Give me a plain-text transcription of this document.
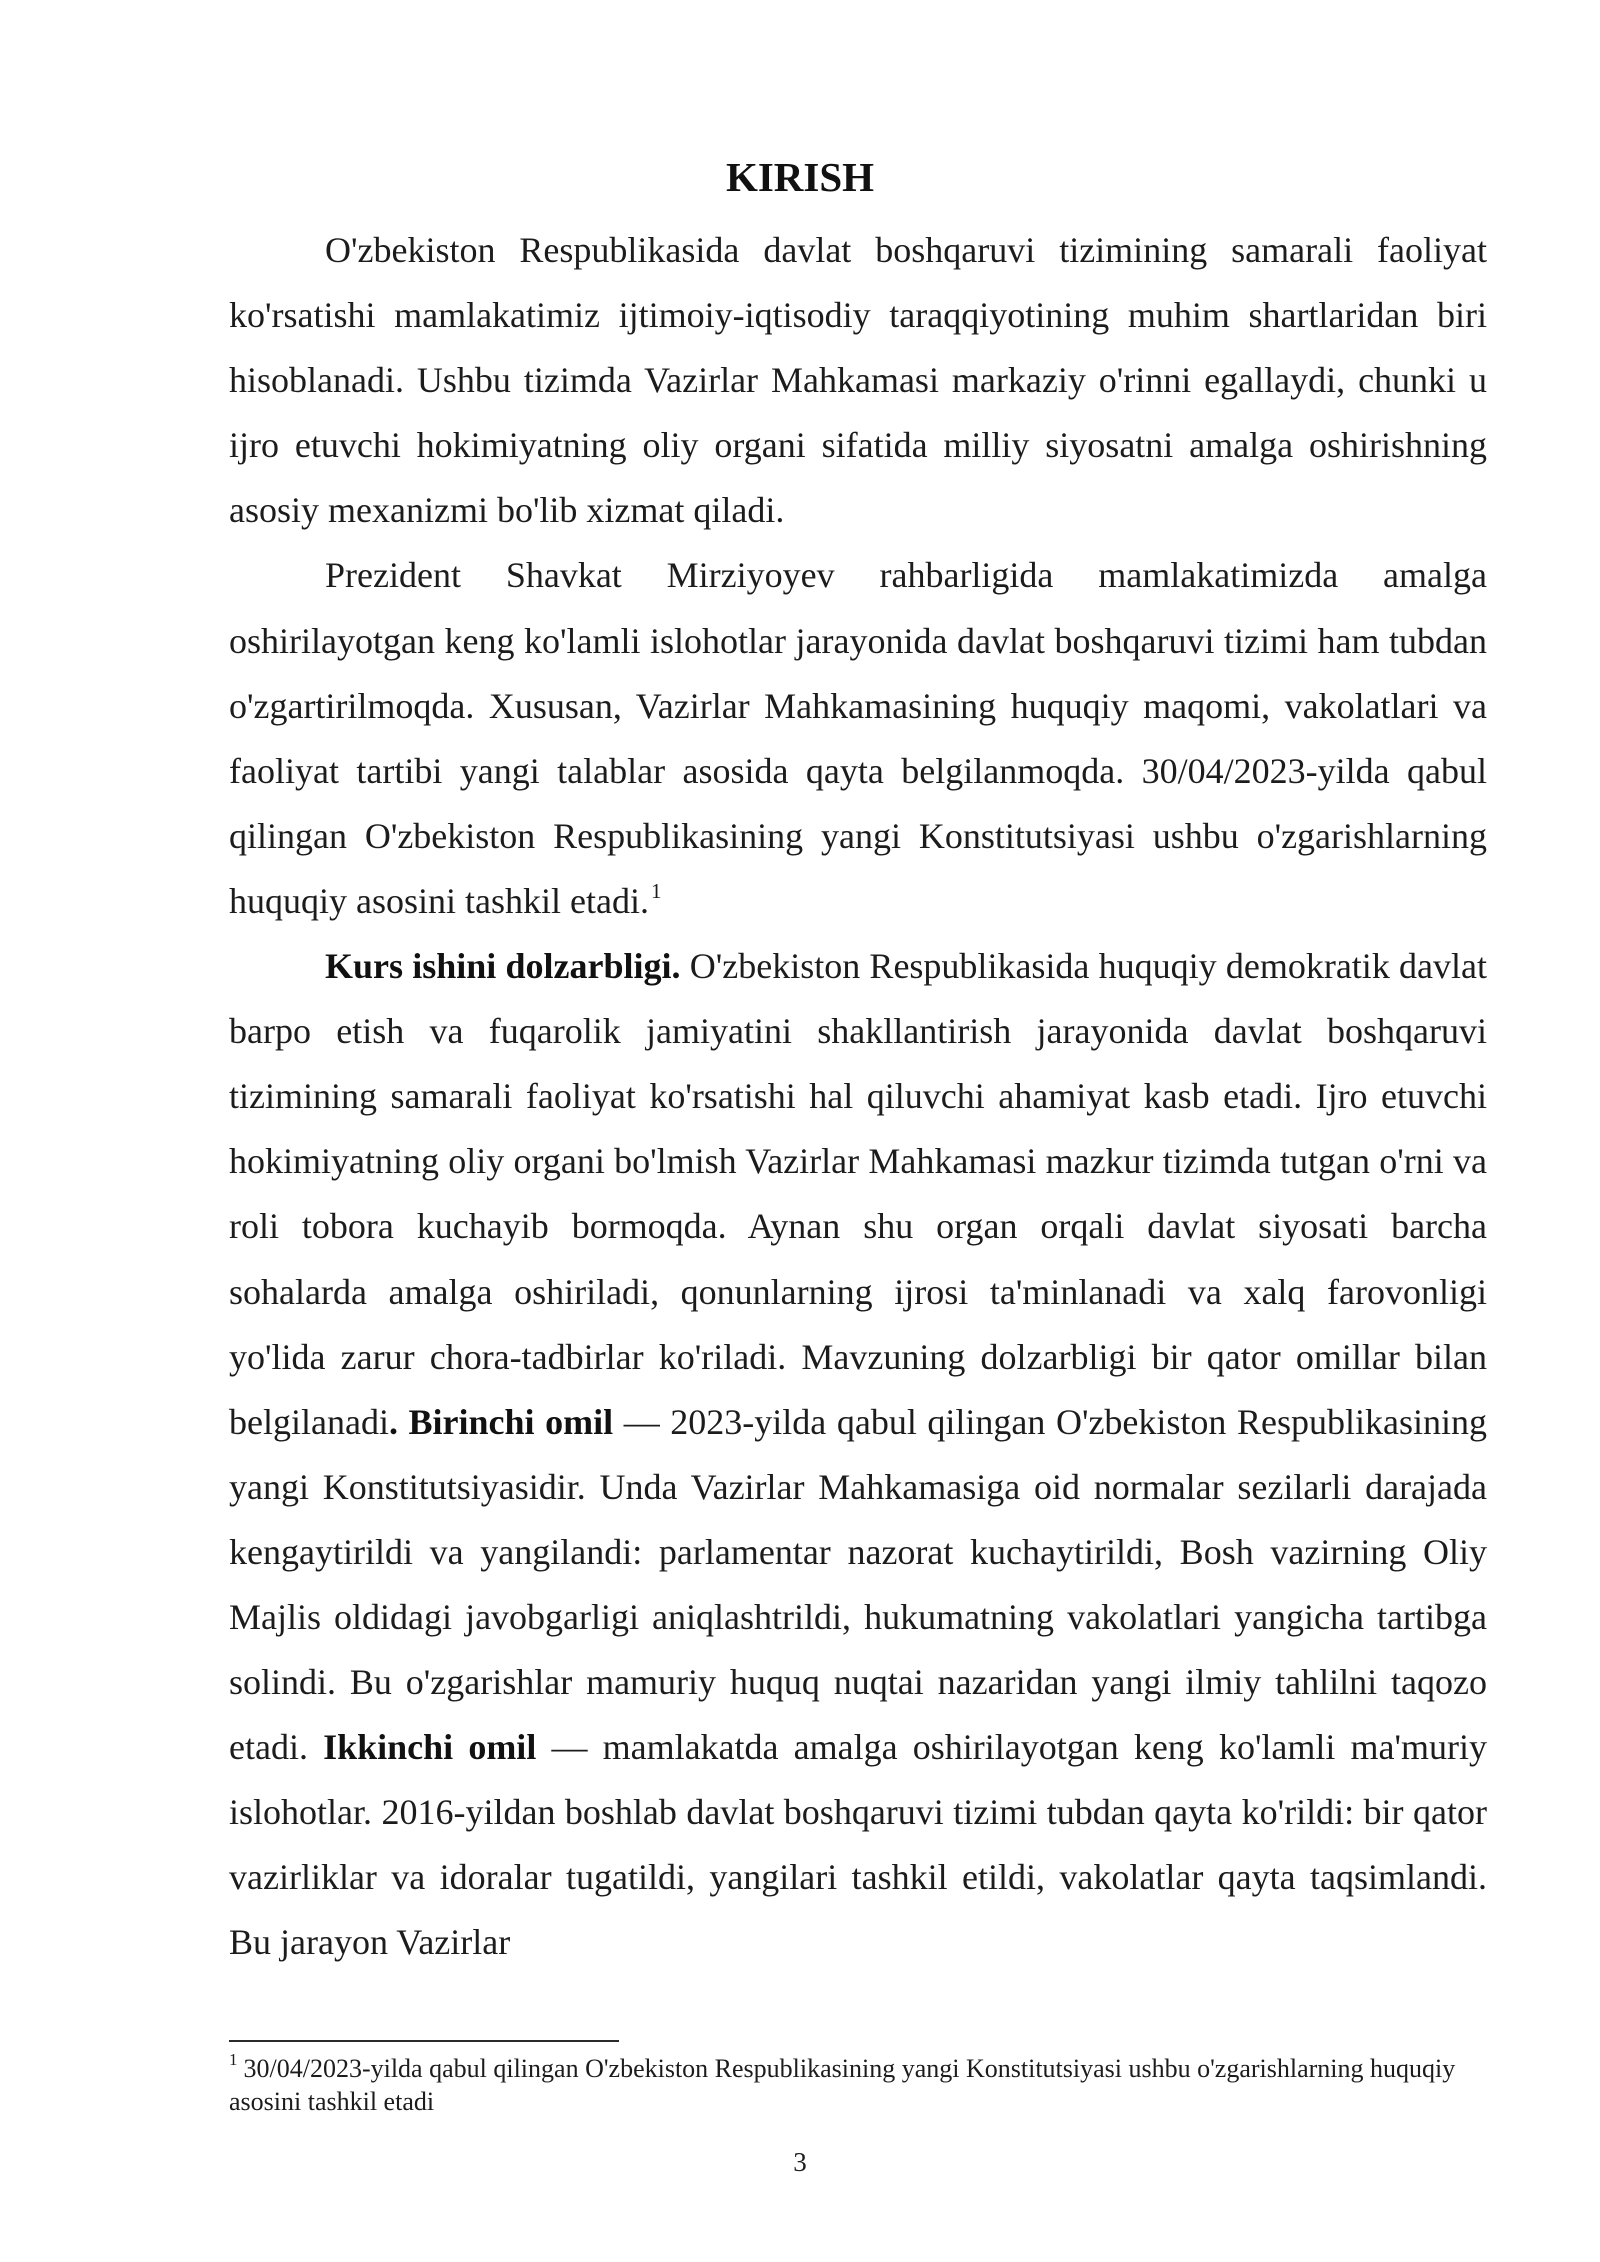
KIRISH

O'zbekiston Respublikasida davlat boshqaruvi tizimining samarali faoliyat ko'rsatishi mamlakatimiz ijtimoiy-iqtisodiy taraqqiyotining muhim shartlaridan biri hisoblanadi. Ushbu tizimda Vazirlar Mahkamasi markaziy o'rinni egallaydi, chunki u ijro etuvchi hokimiyatning oliy organi sifatida milliy siyosatni amalga oshirishning asosiy mexanizmi bo'lib xizmat qiladi.

Prezident Shavkat Mirziyoyev rahbarligida mamlakatimizda amalga oshirilayotgan keng ko'lamli islohotlar jarayonida davlat boshqaruvi tizimi ham tubdan o'zgartirilmoqda. Xususan, Vazirlar Mahkamasining huquqiy maqomi, vakolatlari va faoliyat tartibi yangi talablar asosida qayta belgilanmoqda. 30/04/2023-yilda qabul qilingan O'zbekiston Respublikasining yangi Konstitutsiyasi ushbu o'zgarishlarning huquqiy asosini tashkil etadi.$^1$

Kurs ishini dolzarbligi. O'zbekiston Respublikasida huquqiy demokratik davlat barpo etish va fuqarolik jamiyatini shakllantirish jarayonida davlat boshqaruvi tizimining samarali faoliyat ko'rsatishi hal qiluvchi ahamiyat kasb etadi. Ijro etuvchi hokimiyatning oliy organi bo'lmish Vazirlar Mahkamasi mazkur tizimda tutgan o'rni va roli tobora kuchayib bormoqda. Aynan shu organ orqali davlat siyosati barcha sohalarda amalga oshiriladi, qonunlarning ijrosi ta'minlanadi va xalq farovonligi yo'lida zarur chora-tadbirlar ko'riladi. Mavzuning dolzarbligi bir qator omillar bilan belgilanadi. Birinchi omil — 2023-yilda qabul qilingan O'zbekiston Respublikasining yangi Konstitutsiyasidir. Unda Vazirlar Mahkamasiga oid normalar sezilarli darajada kengaytirildi va yangilandi: parlamentar nazorat kuchaytirildi, Bosh vazirning Oliy Majlis oldidagi javobgarligi aniqlashtrildi, hukumatning vakolatlari yangicha tartibga solindi. Bu o'zgarishlar mamuriy huquq nuqtai nazaridan yangi ilmiy tahlilni taqozo etadi. Ikkinchi omil — mamlakatda amalga oshirilayotgan keng ko'lamli ma'muriy islohotlar. 2016-yildan boshlab davlat boshqaruvi tizimi tubdan qayta ko'rildi: bir qator vazirliklar va idoralar tugatildi, yangilari tashkil etildi, vakolatlar qayta taqsimlandi. Bu jarayon Vazirlar

$^1$ 30/04/2023-yilda qabul qilingan O'zbekiston Respublikasining yangi Konstitutsiyasi ushbu o'zgarishlarning huquqiy asosini tashkil etadi
3
